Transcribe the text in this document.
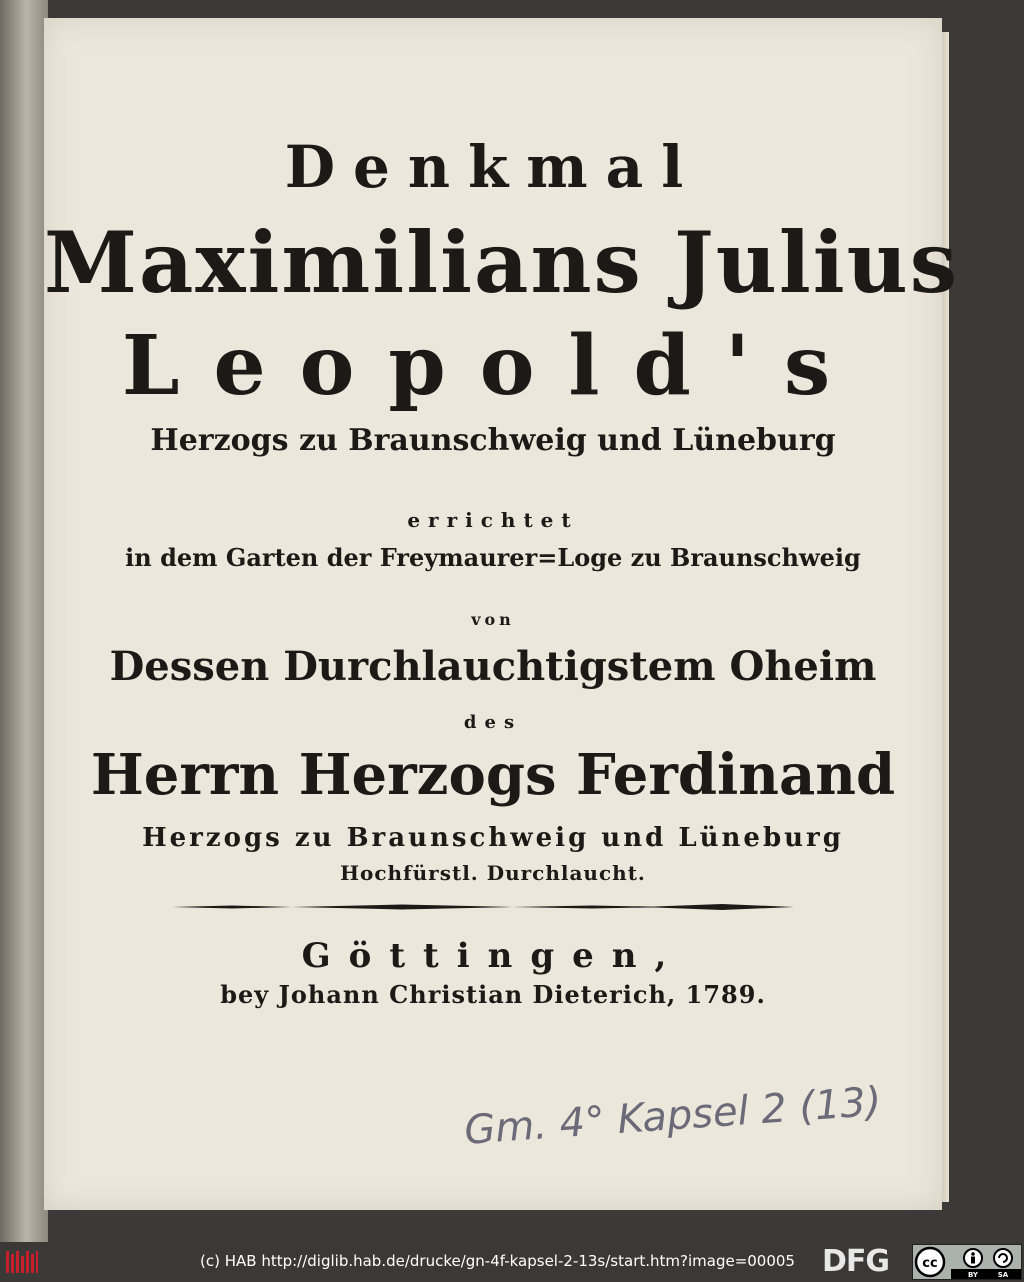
Denkmal
Maximilians Julius
Leopold's
Herzogs zu Braunschweig und Lüneburg
errichtet
in dem Garten der Freymaurer=Loge zu Braunschweig
von
Dessen Durchlauchtigstem Oheim
des
Herrn Herzogs Ferdinand
Herzogs zu Braunschweig und Lüneburg
Hochfürstl. Durchlaucht.
Göttingen,
bey Johann Christian Dieterich, 1789.
Gm. 4° Kapsel 2 (13)
(c) HAB http://diglib.hab.de/drucke/gn-4f-kapsel-2-13s/start.htm?image=00005 DFG	cc
BY	SA
